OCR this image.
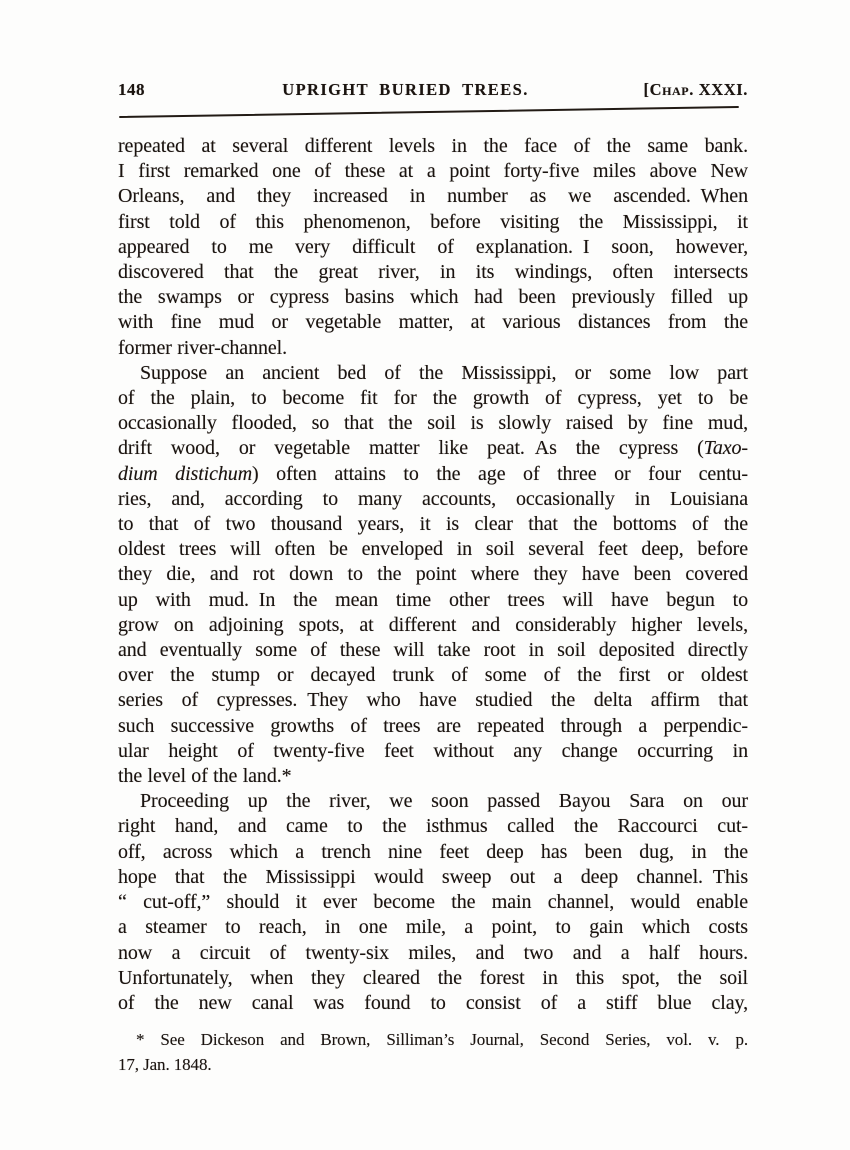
148	UPRIGHT BURIED TREES.	[Chap. XXXI.
repeated at several different levels in the face of the same bank.
I first remarked one of these at a point forty-five miles above New
Orleans, and they increased in number as we ascended. When
first told of this phenomenon, before visiting the Mississippi, it
appeared to me very difficult of explanation. I soon, however,
discovered that the great river, in its windings, often intersects
the swamps or cypress basins which had been previously filled up
with fine mud or vegetable matter, at various distances from the
former river-channel.
Suppose an ancient bed of the Mississippi, or some low part
of the plain, to become fit for the growth of cypress, yet to be
occasionally flooded, so that the soil is slowly raised by fine mud,
drift wood, or vegetable matter like peat. As the cypress (Taxo-
dium distichum) often attains to the age of three or four centu-
ries, and, according to many accounts, occasionally in Louisiana
to that of two thousand years, it is clear that the bottoms of the
oldest trees will often be enveloped in soil several feet deep, before
they die, and rot down to the point where they have been covered
up with mud. In the mean time other trees will have begun to
grow on adjoining spots, at different and considerably higher levels,
and eventually some of these will take root in soil deposited directly
over the stump or decayed trunk of some of the first or oldest
series of cypresses. They who have studied the delta affirm that
such successive growths of trees are repeated through a perpendic-
ular height of twenty-five feet without any change occurring in
the level of the land.*
Proceeding up the river, we soon passed Bayou Sara on our
right hand, and came to the isthmus called the Raccourci cut-
off, across which a trench nine feet deep has been dug, in the
hope that the Mississippi would sweep out a deep channel. This
“ cut-off,” should it ever become the main channel, would enable
a steamer to reach, in one mile, a point, to gain which costs
now a circuit of twenty-six miles, and two and a half hours.
Unfortunately, when they cleared the forest in this spot, the soil
of the new canal was found to consist of a stiff blue clay,
* See Dickeson and Brown, Silliman’s Journal, Second Series, vol. v. p.
17, Jan. 1848.
